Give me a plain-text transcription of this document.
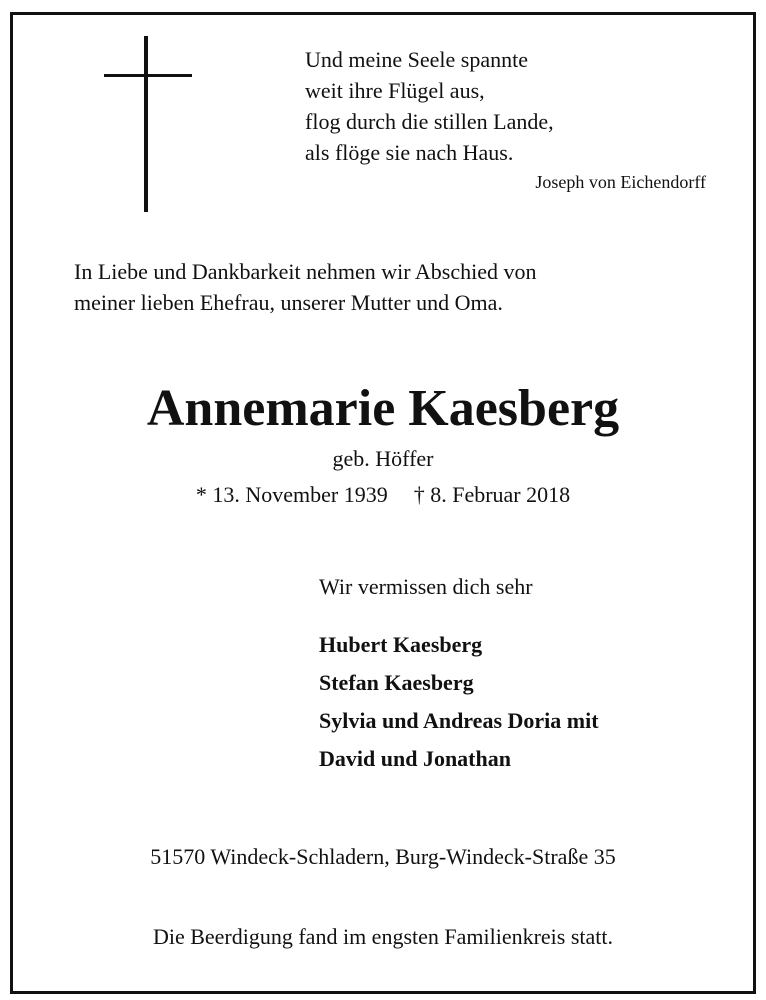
Und meine Seele spannte
weit ihre Flügel aus,
flog durch die stillen Lande,
als flöge sie nach Haus.
Joseph von Eichendorff
In Liebe und Dankbarkeit nehmen wir Abschied von
meiner lieben Ehefrau, unserer Mutter und Oma.
Annemarie Kaesberg
geb. Höffer
* 13. November 1939 † 8. Februar 2018
Wir vermissen dich sehr
Hubert Kaesberg
Stefan Kaesberg
Sylvia und Andreas Doria mit
David und Jonathan
51570 Windeck-Schladern, Burg-Windeck-Straße 35
Die Beerdigung fand im engsten Familienkreis statt.
